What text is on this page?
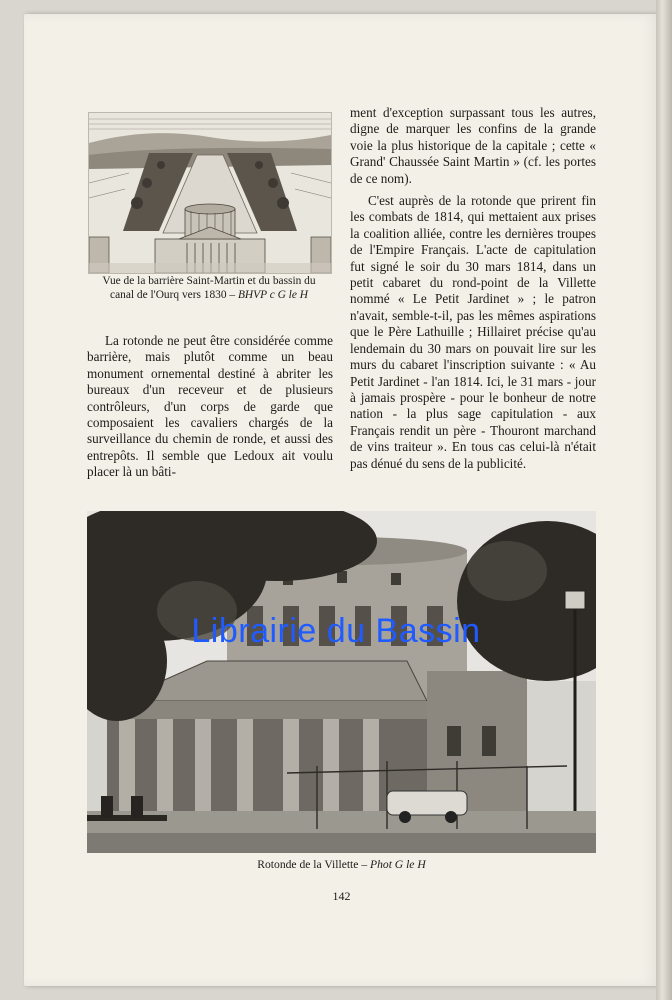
Vue de la barrière Saint-Martin et du bassin du
canal de l'Ourq vers 1830 – BHVP c G le H

La rotonde ne peut être considérée comme barrière, mais plutôt comme un beau monument ornemental destiné à abriter les bureaux d'un receveur et de plusieurs contrôleurs, d'un corps de garde que composaient les cavaliers chargés de la surveillance du chemin de ronde, et aussi des entrepôts. Il semble que Ledoux ait voulu placer là un bâti-

ment d'exception surpassant tous les autres, digne de marquer les confins de la grande voie la plus historique de la capitale ; cette « Grand' Chaussée Saint Martin » (cf. les portes de ce nom).

C'est auprès de la rotonde que prirent fin les combats de 1814, qui mettaient aux prises la coalition alliée, contre les dernières troupes de l'Empire Français. L'acte de capitulation fut signé le soir du 30 mars 1814, dans un petit cabaret du rond-point de la Villette nommé « Le Petit Jardinet » ; le patron n'avait, semble-t-il, pas les mêmes aspirations que le Père Lathuille ; Hillairet précise qu'au lendemain du 30 mars on pouvait lire sur les murs du cabaret l'inscription suivante : « Au Petit Jardinet - l'an 1814. Ici, le 31 mars - jour à jamais prospère - pour le bonheur de notre nation - la plus sage capitulation - aux Français rendit un père - Thouront marchand de vins traiteur ». En tous cas celui-là n'était pas dénué du sens de la publicité.

Librairie du Bassin
Rotonde de la Villette – Phot G le H
142
